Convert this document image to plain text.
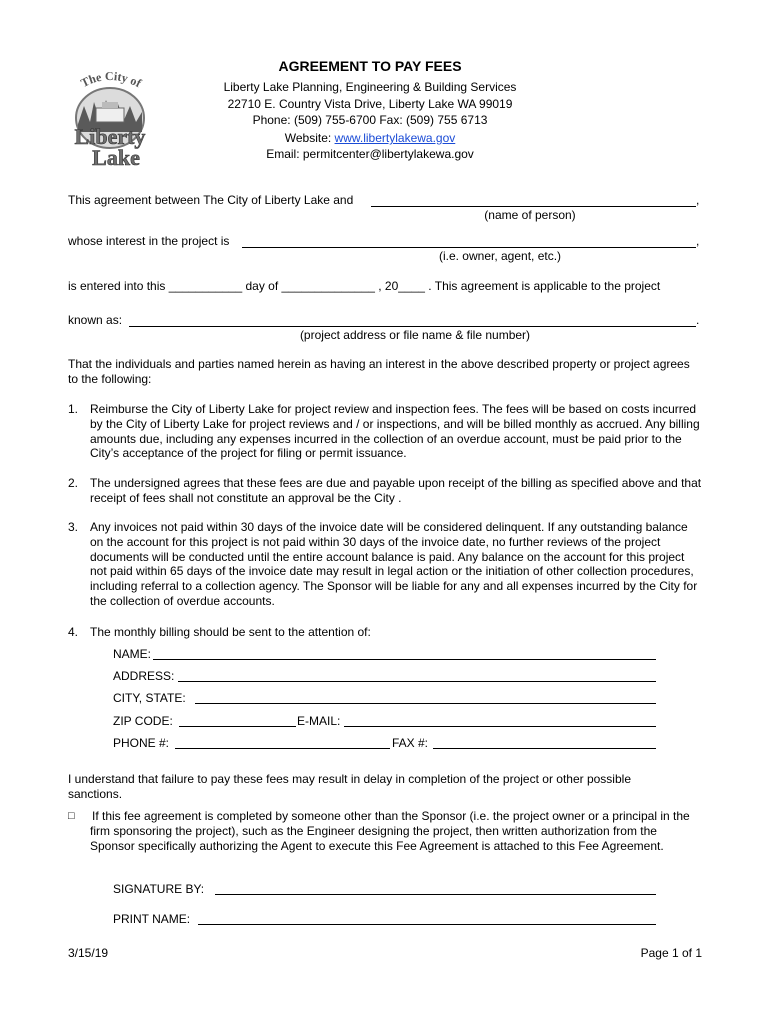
The City of
Liberty
Lake
AGREEMENT TO PAY FEES
Liberty Lake Planning, Engineering & Building Services
22710 E. Country Vista Drive, Liberty Lake WA 99019
Phone: (509) 755-6700 Fax: (509) 755 6713
Website: www.libertylakewa.gov
Email: permitcenter@libertylakewa.gov
This agreement between The City of Liberty Lake and	,
(name of person)
whose interest in the project is	,
(i.e. owner, agent, etc.)
is entered into this ___________ day of ______________ , 20____ . This agreement is applicable to the project
known as:	.
(project address or file name & file number)
That the individuals and parties named herein as having an interest in the above described property or project agrees to the following:
1. Reimburse the City of Liberty Lake for project review and inspection fees. The fees will be based on costs incurred by the City of Liberty Lake for project reviews and / or inspections, and will be billed monthly as accrued. Any billing amounts due, including any expenses incurred in the collection of an overdue account, must be paid prior to the City’s acceptance of the project for filing or permit issuance.
2. The undersigned agrees that these fees are due and payable upon receipt of the billing as specified above and that receipt of fees shall not constitute an approval be the City .
3. Any invoices not paid within 30 days of the invoice date will be considered delinquent. If any outstanding balance on the account for this project is not paid within 30 days of the invoice date, no further reviews of the project documents will be conducted until the entire account balance is paid. Any balance on the account for this project not paid within 65 days of the invoice date may result in legal action or the initiation of other collection procedures, including referral to a collection agency. The Sponsor will be liable for any and all expenses incurred by the City for the collection of overdue accounts.
4. The monthly billing should be sent to the attention of:
NAME:
ADDRESS:
CITY, STATE:
ZIP CODE:	E-MAIL:
PHONE #:	FAX #:
I understand that failure to pay these fees may result in delay in completion of the project or other possible sanctions.
□ If this fee agreement is completed by someone other than the Sponsor (i.e. the project owner or a principal in the firm sponsoring the project), such as the Engineer designing the project, then written authorization from the Sponsor specifically authorizing the Agent to execute this Fee Agreement is attached to this Fee Agreement.
SIGNATURE BY:
PRINT NAME:
3/15/19	Page 1 of 1
